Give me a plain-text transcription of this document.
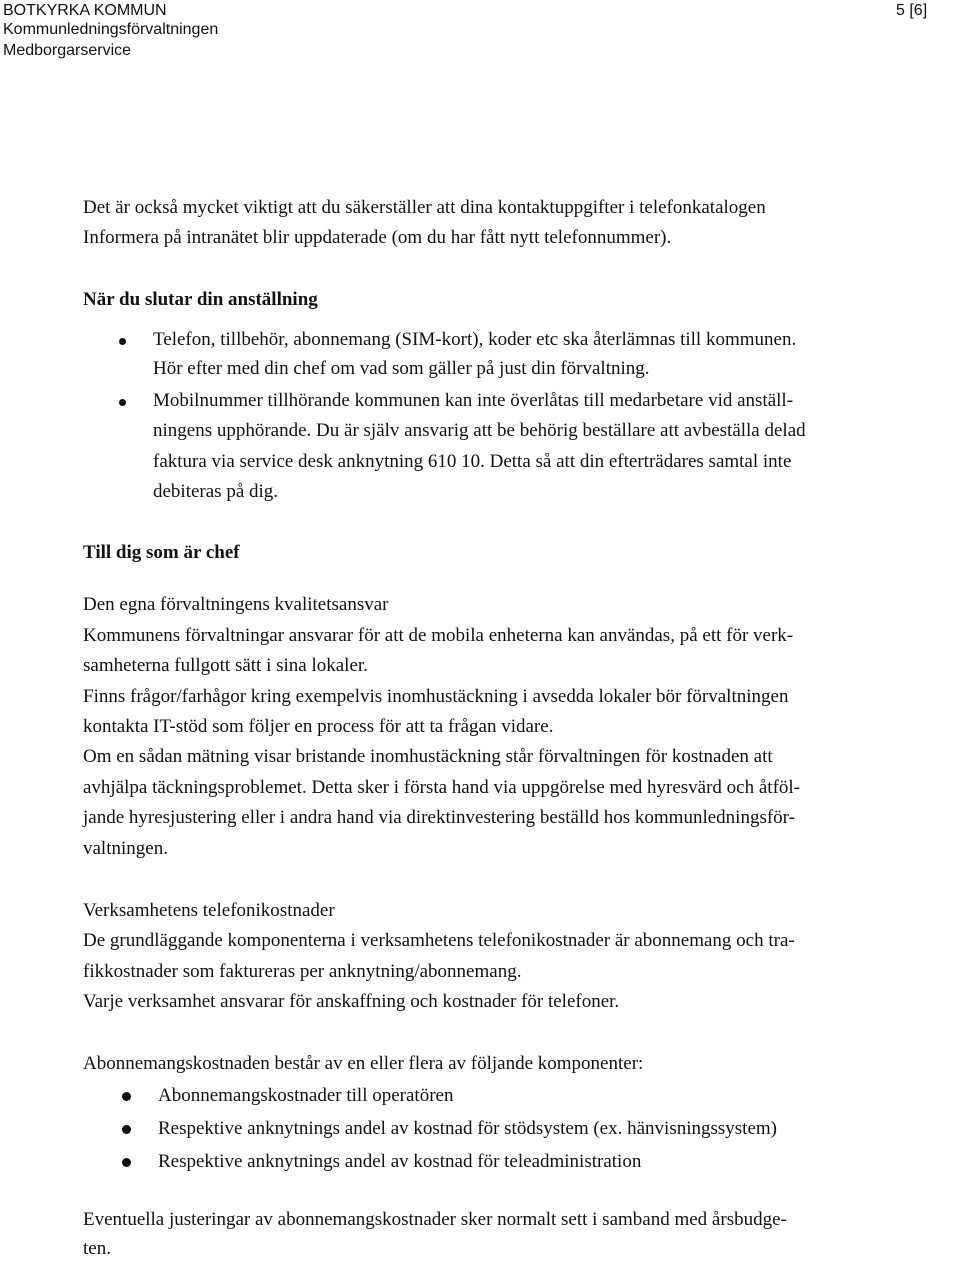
BOTKYRKA KOMMUN
Kommunledningsförvaltningen
Medborgarservice
5 [6]
Det är också mycket viktigt att du säkerställer att dina kontaktuppgifter i telefonkatalogen
Informera på intranätet blir uppdaterade (om du har fått nytt telefonnummer).
När du slutar din anställning
Telefon, tillbehör, abonnemang (SIM-kort), koder etc ska återlämnas till kommunen.
Hör efter med din chef om vad som gäller på just din förvaltning.
Mobilnummer tillhörande kommunen kan inte överlåtas till medarbetare vid anställ-
ningens upphörande. Du är själv ansvarig att be behörig beställare att avbeställa delad
faktura via service desk anknytning 610 10. Detta så att din efterträdares samtal inte
debiteras på dig.
Till dig som är chef
Den egna förvaltningens kvalitetsansvar
Kommunens förvaltningar ansvarar för att de mobila enheterna kan användas, på ett för verk-
samheterna fullgott sätt i sina lokaler.
Finns frågor/farhågor kring exempelvis inomhustäckning i avsedda lokaler bör förvaltningen
kontakta IT-stöd som följer en process för att ta frågan vidare.
Om en sådan mätning visar bristande inomhustäckning står förvaltningen för kostnaden att
avhjälpa täckningsproblemet. Detta sker i första hand via uppgörelse med hyresvärd och åtföl-
jande hyresjustering eller i andra hand via direktinvestering beställd hos kommunledningsför-
valtningen.
Verksamhetens telefonikostnader
De grundläggande komponenterna i verksamhetens telefonikostnader är abonnemang och tra-
fikkostnader som faktureras per anknytning/abonnemang.
Varje verksamhet ansvarar för anskaffning och kostnader för telefoner.
Abonnemangskostnaden består av en eller flera av följande komponenter:
Abonnemangskostnader till operatören
Respektive anknytnings andel av kostnad för stödsystem (ex. hänvisningssystem)
Respektive anknytnings andel av kostnad för teleadministration
Eventuella justeringar av abonnemangskostnader sker normalt sett i samband med årsbudge-
ten.
